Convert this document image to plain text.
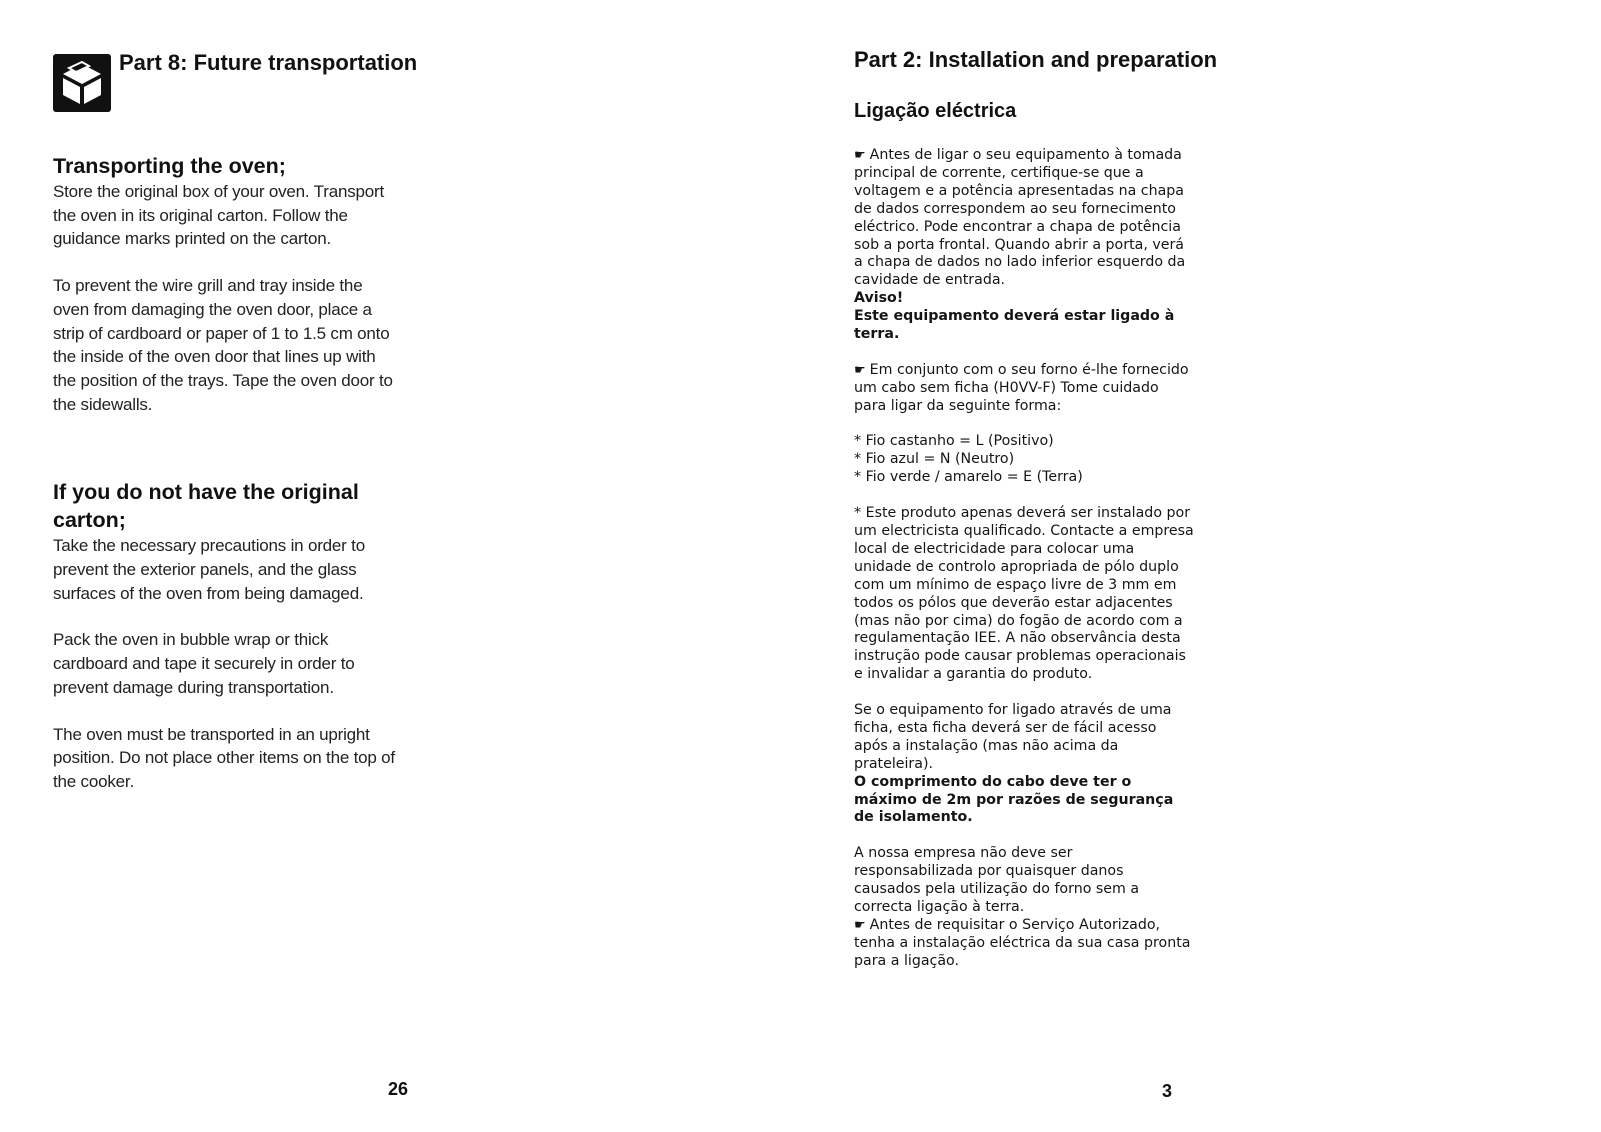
Part 8: Future transportation
Transporting the oven;

Store the original box of your oven. Transport the oven in its original carton. Follow the guidance marks printed on the carton.

To prevent the wire grill and tray inside the oven from damaging the oven door, place a strip of cardboard or paper of 1 to 1.5 cm onto the inside of the oven door that lines up with the position of the trays. Tape the oven door to the sidewalls.

If you do not have the original carton;

Take the necessary precautions in order to prevent the exterior panels, and the glass surfaces of the oven from being damaged.

Pack the oven in bubble wrap or thick cardboard and tape it securely in order to prevent damage during transportation.

The oven must be transported in an upright position. Do not place other items on the top of the cooker.

26
Part 2: Installation and preparation
Ligação eléctrica

☛ Antes de ligar o seu equipamento à tomada principal de corrente, certifique-se que a voltagem e a potência apresentadas na chapa de dados correspondem ao seu fornecimento eléctrico. Pode encontrar a chapa de potência sob a porta frontal. Quando abrir a porta, verá a chapa de dados no lado inferior esquerdo da cavidade de entrada.

Aviso!

Este equipamento deverá estar ligado à terra.

☛ Em conjunto com o seu forno é-lhe fornecido um cabo sem ficha (H0VV-F) Tome cuidado para ligar da seguinte forma:

* Fio castanho = L (Positivo)

* Fio azul = N (Neutro)

* Fio verde / amarelo = E (Terra)

* Este produto apenas deverá ser instalado por um electricista qualificado. Contacte a empresa local de electricidade para colocar uma unidade de controlo apropriada de pólo duplo com um mínimo de espaço livre de 3 mm em todos os pólos que deverão estar adjacentes (mas não por cima) do fogão de acordo com a regulamentação IEE. A não observância desta instrução pode causar problemas operacionais e invalidar a garantia do produto.

Se o equipamento for ligado através de uma ficha, esta ficha deverá ser de fácil acesso após a instalação (mas não acima da prateleira).

O comprimento do cabo deve ter o máximo de 2m por razões de segurança de isolamento.

A nossa empresa não deve ser responsabilizada por quaisquer danos causados pela utilização do forno sem a correcta ligação à terra.

☛ Antes de requisitar o Serviço Autorizado, tenha a instalação eléctrica da sua casa pronta para a ligação.

3
